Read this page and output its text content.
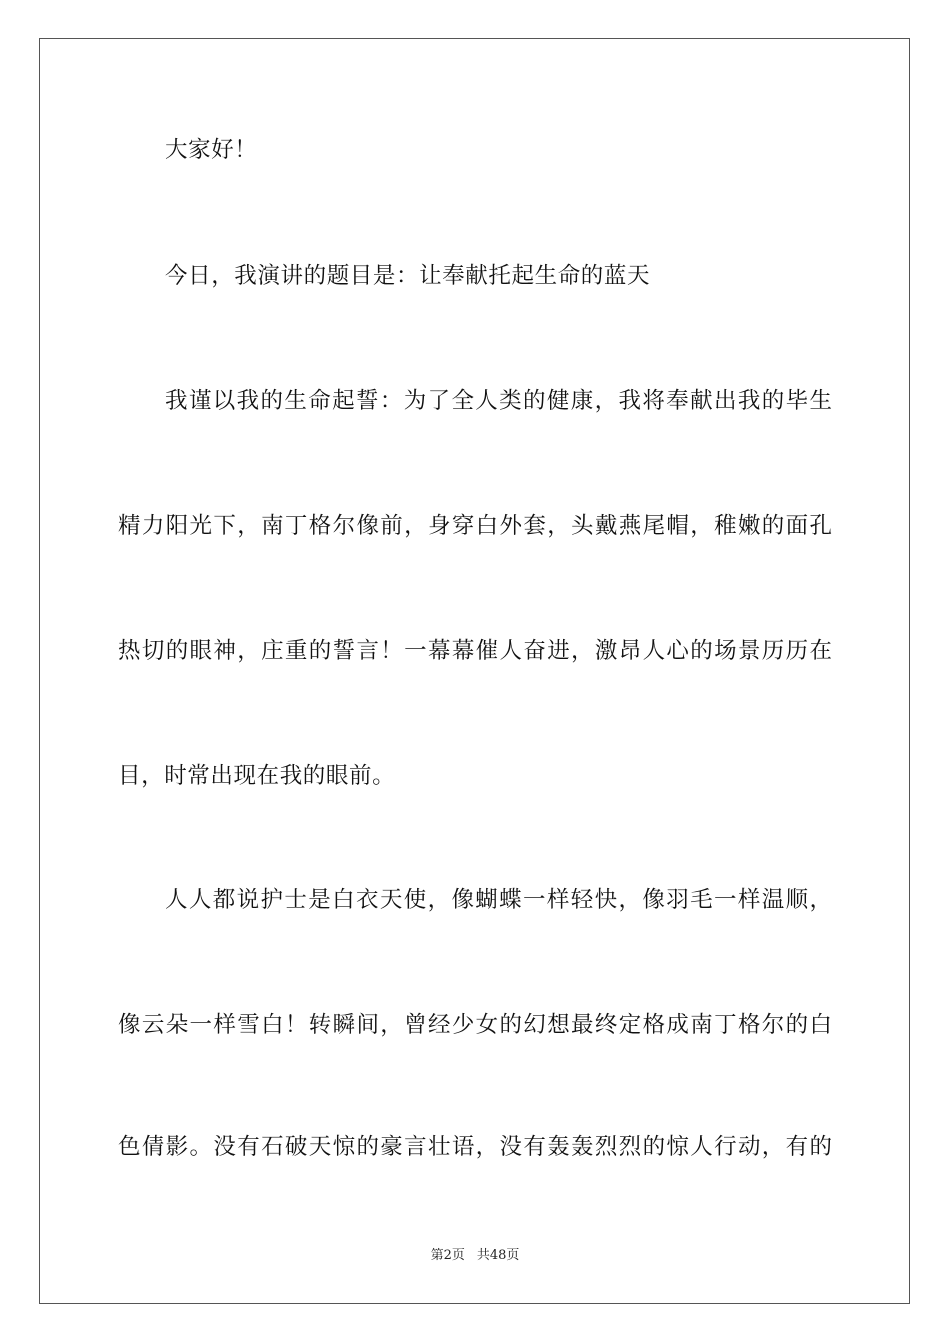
大家好！
今日，我演讲的题目是：让奉献托起生命的蓝天
我谨以我的生命起誓：为了全人类的健康，我将奉献出我的毕生
精力阳光下，南丁格尔像前，身穿白外套，头戴燕尾帽，稚嫩的面孔
热切的眼神，庄重的誓言！一幕幕催人奋进，激昂人心的场景历历在
目，时常出现在我的眼前。
人人都说护士是白衣天使，像蝴蝶一样轻快，像羽毛一样温顺，
像云朵一样雪白！转瞬间，曾经少女的幻想最终定格成南丁格尔的白
色倩影。没有石破天惊的豪言壮语，没有轰轰烈烈的惊人行动，有的
第2页 共48页
